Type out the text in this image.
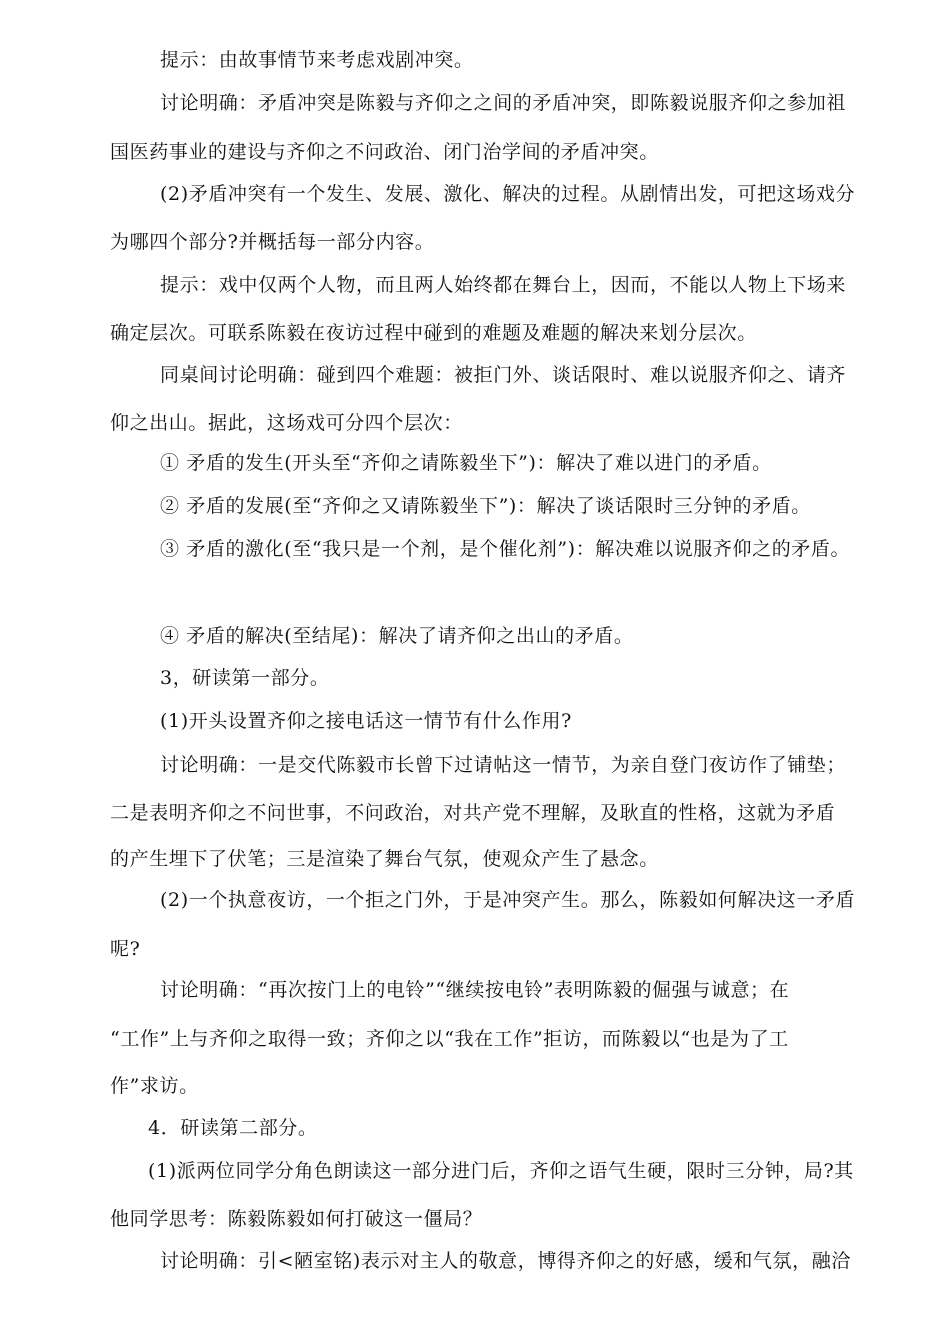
提示：由故事情节来考虑戏剧冲突。

讨论明确：矛盾冲突是陈毅与齐仰之之间的矛盾冲突，即陈毅说服齐仰之参加祖

国医药事业的建设与齐仰之不问政治、闭门治学间的矛盾冲突。

(2)矛盾冲突有一个发生、发展、激化、解决的过程。从剧情出发，可把这场戏分

为哪四个部分?并概括每一部分内容。

提示：戏中仅两个人物，而且两人始终都在舞台上，因而，不能以人物上下场来

确定层次。可联系陈毅在夜访过程中碰到的难题及难题的解决来划分层次。

同桌间讨论明确：碰到四个难题：被拒门外、谈话限时、难以说服齐仰之、请齐

仰之出山。据此，这场戏可分四个层次：

① 矛盾的发生(开头至“齐仰之请陈毅坐下”)：解决了难以进门的矛盾。

② 矛盾的发展(至“齐仰之又请陈毅坐下”)：解决了谈话限时三分钟的矛盾。

③ 矛盾的激化(至“我只是一个剂，是个催化剂”)：解决难以说服齐仰之的矛盾。

④ 矛盾的解决(至结尾)：解决了请齐仰之出山的矛盾。

3，研读第一部分。

(1)开头设置齐仰之接电话这一情节有什么作用?

讨论明确：一是交代陈毅市长曾下过请帖这一情节，为亲自登门夜访作了铺垫；

二是表明齐仰之不问世事，不问政治，对共产党不理解，及耿直的性格，这就为矛盾

的产生埋下了伏笔；三是渲染了舞台气氛，使观众产生了悬念。

(2)一个执意夜访，一个拒之门外，于是冲突产生。那么，陈毅如何解决这一矛盾

呢?

讨论明确：“再次按门上的电铃”“继续按电铃”表明陈毅的倔强与诚意；在

“工作”上与齐仰之取得一致；齐仰之以“我在工作”拒访，而陈毅以“也是为了工

作”求访。

4．研读第二部分。

(1)派两位同学分角色朗读这一部分进门后，齐仰之语气生硬，限时三分钟，局?其

他同学思考：陈毅陈毅如何打破这一僵局？

讨论明确：引<陋室铭)表示对主人的敬意，博得齐仰之的好感，缓和气氛，融洽
